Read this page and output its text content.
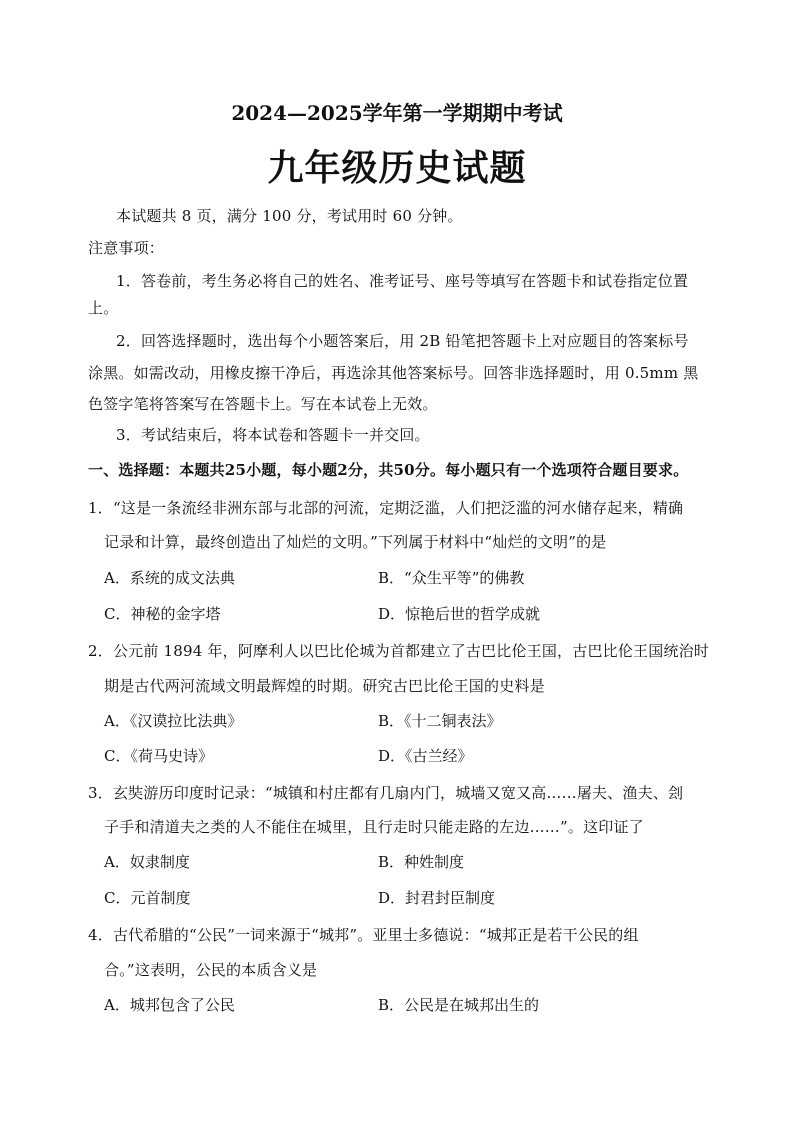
2024—2025学年第一学期期中考试
九年级历史试题
本试题共 8 页，满分 100 分，考试用时 60 分钟。
注意事项：
1．答卷前，考生务必将自己的姓名、准考证号、座号等填写在答题卡和试卷指定位置
上。
2．回答选择题时，选出每个小题答案后，用 2B 铅笔把答题卡上对应题目的答案标号
涂黑。如需改动，用橡皮擦干净后，再选涂其他答案标号。回答非选择题时，用 0.5mm 黑
色签字笔将答案写在答题卡上。写在本试卷上无效。
3．考试结束后，将本试卷和答题卡一并交回。
一、选择题：本题共25小题，每小题2分，共50分。每小题只有一个选项符合题目要求。
1．“这是一条流经非洲东部与北部的河流，定期泛滥，人们把泛滥的河水储存起来，精确
记录和计算，最终创造出了灿烂的文明。”下列属于材料中“灿烂的文明”的是
A．系统的成文法典	B．“众生平等”的佛教
C．神秘的金字塔	D．惊艳后世的哲学成就
2．公元前 1894 年，阿摩利人以巴比伦城为首都建立了古巴比伦王国，古巴比伦王国统治时
期是古代两河流域文明最辉煌的时期。研究古巴比伦王国的史料是
A．《汉谟拉比法典》	B．《十二铜表法》
C．《荷马史诗》	D．《古兰经》
3．玄奘游历印度时记录：“城镇和村庄都有几扇内门，城墙又宽又高……屠夫、渔夫、刽
子手和清道夫之类的人不能住在城里，且行走时只能走路的左边……”。这印证了
A．奴隶制度	B．种姓制度
C．元首制度	D．封君封臣制度
4．古代希腊的“公民”一词来源于“城邦”。亚里士多德说：“城邦正是若干公民的组
合。”这表明，公民的本质含义是
A．城邦包含了公民	B．公民是在城邦出生的
